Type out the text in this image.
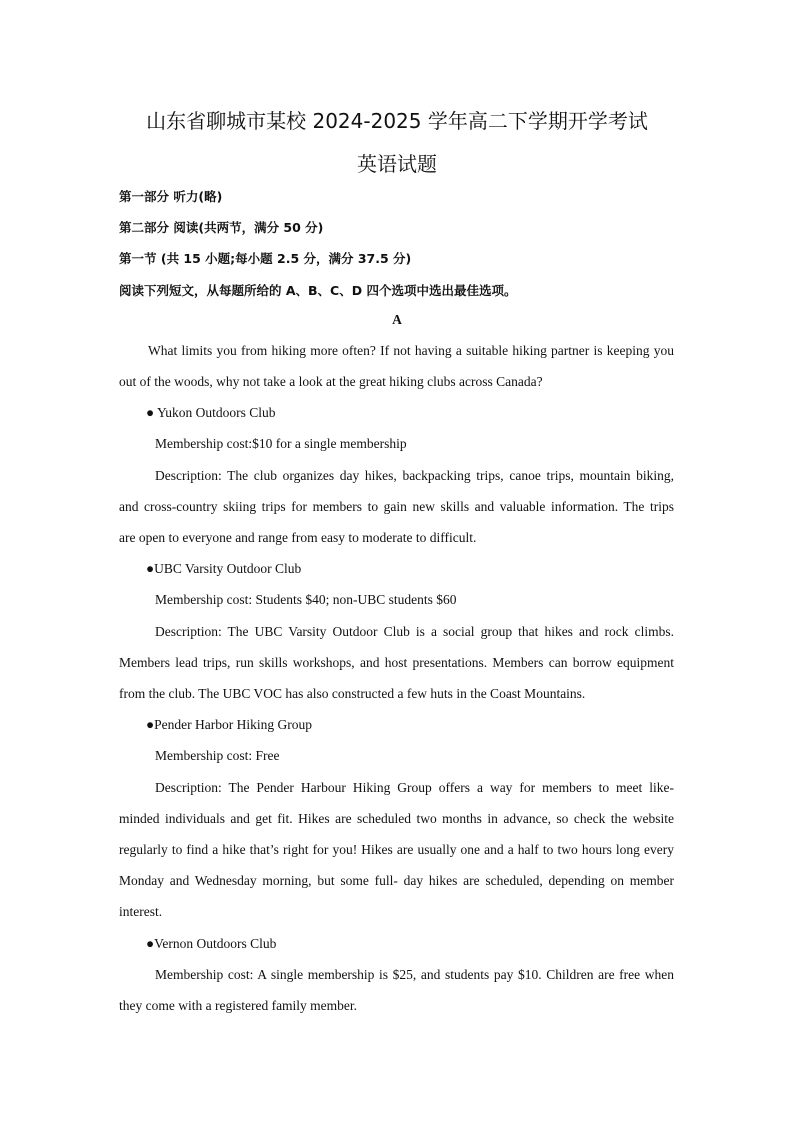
山东省聊城市某校 2024-2025 学年高二下学期开学考试
英语试题
第一部分 听力(略)
第二部分 阅读(共两节，满分 50 分)
第一节 (共 15 小题;每小题 2.5 分，满分 37.5 分)
阅读下列短文，从每题所给的 A、B、C、D 四个选项中选出最佳选项。
A
What limits you from hiking more often? If not having a suitable hiking partner is keeping you
out of the woods, why not take a look at the great hiking clubs across Canada?
● Yukon Outdoors Club
Membership cost:$10 for a single membership
Description: The club organizes day hikes, backpacking trips, canoe trips, mountain biking,
and cross-country skiing trips for members to gain new skills and valuable information. The trips
are open to everyone and range from easy to moderate to difficult.
●UBC Varsity Outdoor Club
Membership cost: Students $40; non-UBC students $60
Description: The UBC Varsity Outdoor Club is a social group that hikes and rock climbs.
Members lead trips, run skills workshops, and host presentations. Members can borrow equipment
from the club. The UBC VOC has also constructed a few huts in the Coast Mountains.
●Pender Harbor Hiking Group
Membership cost: Free
Description: The Pender Harbour Hiking Group offers a way for members to meet like-
minded individuals and get fit. Hikes are scheduled two months in advance, so check the website
regularly to find a hike that’s right for you! Hikes are usually one and a half to two hours long every
Monday and Wednesday morning, but some full- day hikes are scheduled, depending on member
interest.
●Vernon Outdoors Club
Membership cost: A single membership is $25, and students pay $10. Children are free when
they come with a registered family member.
